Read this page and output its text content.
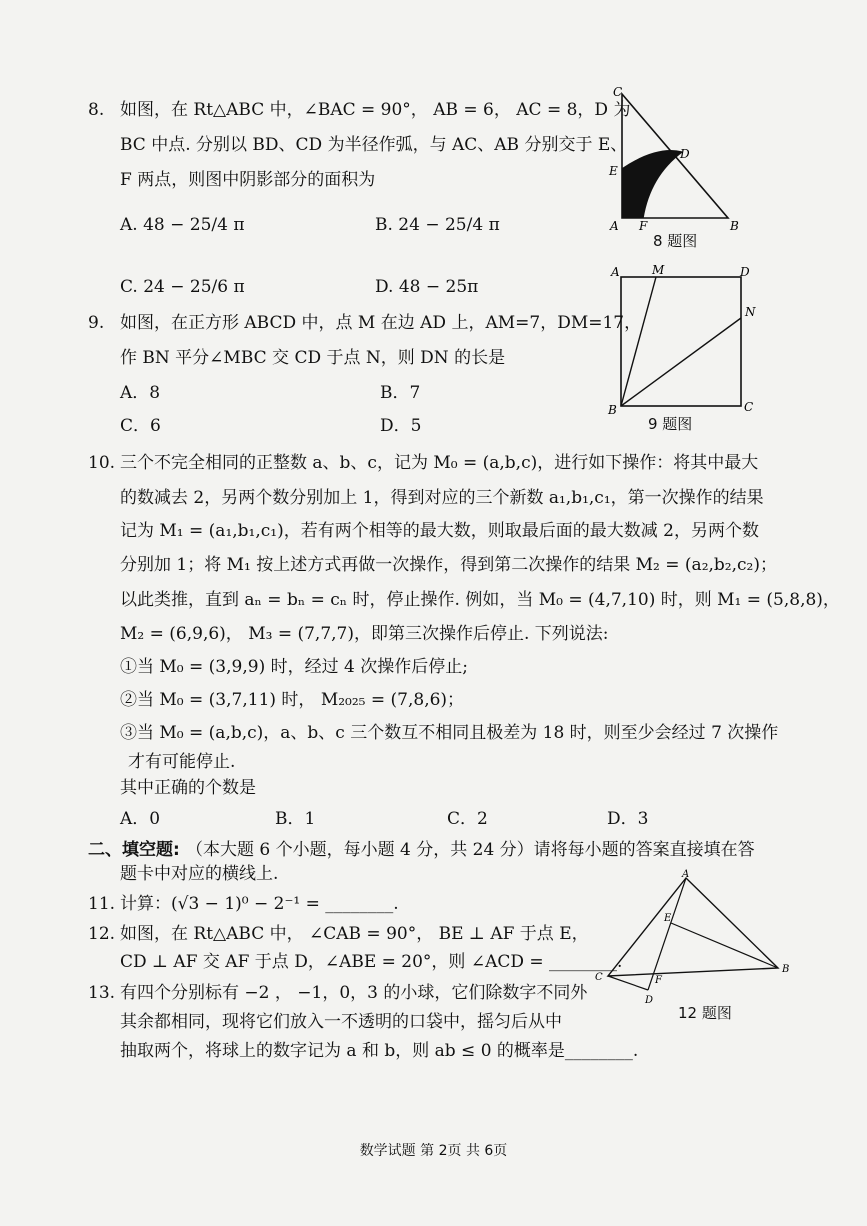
8. 如图，在 Rt△ABC 中，∠BAC = 90°， AB = 6， AC = 8，D 为
BC 中点. 分别以 BD、CD 为半径作弧，与 AC、AB 分别交于 E、
F 两点，则图中阴影部分的面积为
A. 48 − 25/4 π	B. 24 − 25/4 π
C. 24 − 25/6 π	D. 48 − 25π
C
D
E
A F	B
8 题图
9. 如图，在正方形 ABCD 中，点 M 在边 AD 上，AM=7，DM=17，
作 BN 平分∠MBC 交 CD 于点 N，则 DN 的长是
A．8	B．7
C．6	D．5
A	M	D
N
B	C
9 题图
10. 三个不完全相同的正整数 a、b、c，记为 M₀ = (a,b,c)，进行如下操作：将其中最大
的数减去 2，另两个数分别加上 1，得到对应的三个新数 a₁,b₁,c₁，第一次操作的结果
记为 M₁ = (a₁,b₁,c₁)，若有两个相等的最大数，则取最后面的最大数减 2，另两个数
分别加 1；将 M₁ 按上述方式再做一次操作，得到第二次操作的结果 M₂ = (a₂,b₂,c₂)；
以此类推，直到 aₙ = bₙ = cₙ 时，停止操作. 例如，当 M₀ = (4,7,10) 时，则 M₁ = (5,8,8)，
M₂ = (6,9,6)， M₃ = (7,7,7)，即第三次操作后停止. 下列说法:
①当 M₀ = (3,9,9) 时，经过 4 次操作后停止;
②当 M₀ = (3,7,11) 时， M₂₀₂₅ = (7,8,6)；
③当 M₀ = (a,b,c)，a、b、c 三个数互不相同且极差为 18 时，则至少会经过 7 次操作
才有可能停止.
其中正确的个数是
A．0	B．1	C．2	D．3
二、填空题: （本大题 6 个小题，每小题 4 分，共 24 分）请将每小题的答案直接填在答
题卡中对应的横线上.
11. 计算：(√3 − 1)⁰ − 2⁻¹ = ________.
12. 如图，在 Rt△ABC 中， ∠CAB = 90°， BE ⊥ AF 于点 E，
CD ⊥ AF 交 AF 于点 D，∠ABE = 20°，则 ∠ACD = ________.
A
E
C	F
B
D
12 题图
13. 有四个分别标有 −2 ， −1，0，3 的小球，它们除数字不同外
其余都相同，现将它们放入一不透明的口袋中，摇匀后从中
抽取两个，将球上的数字记为 a 和 b，则 ab ≤ 0 的概率是________.
数学试题 第 2页 共 6页
